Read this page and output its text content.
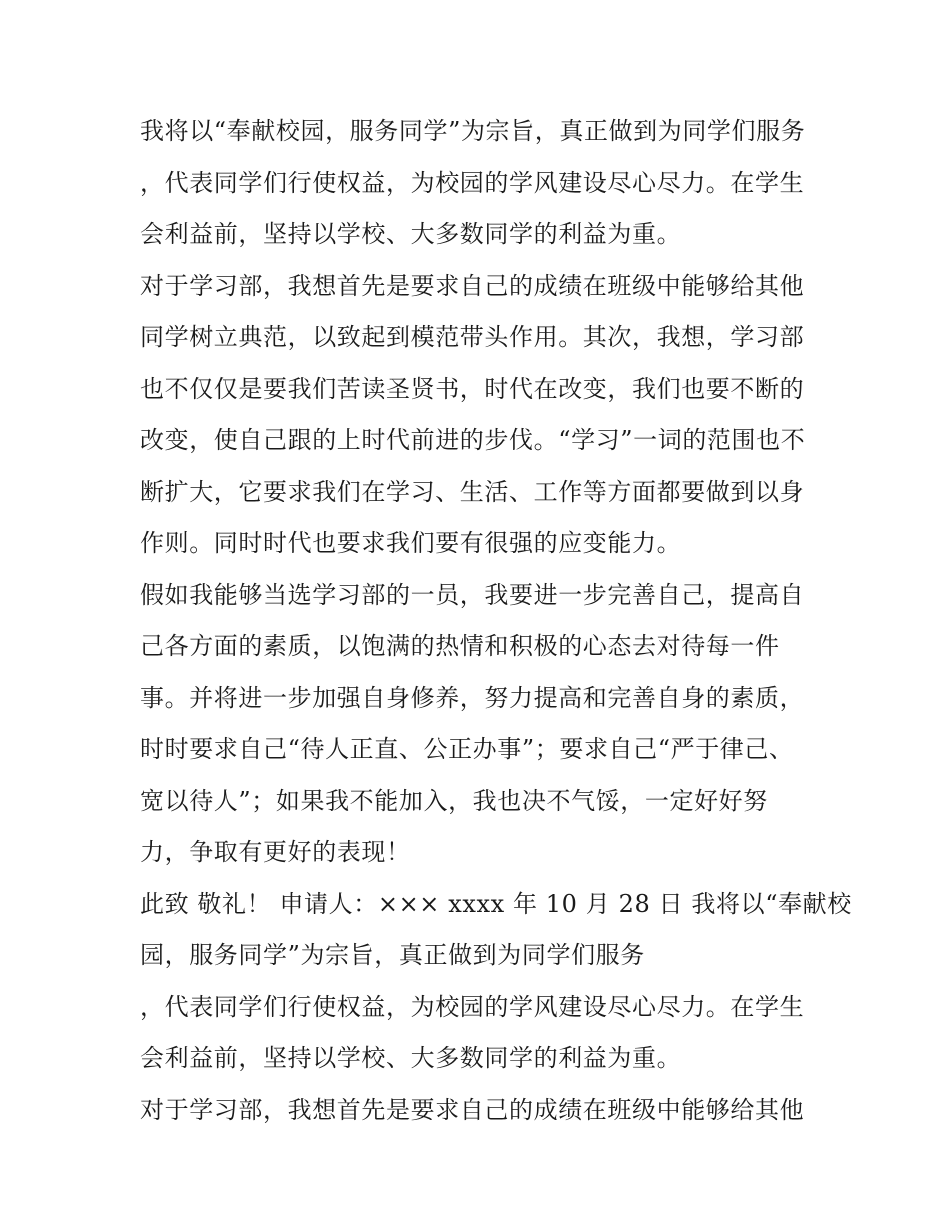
我将以“奉献校园，服务同学”为宗旨，真正做到为同学们服务
，代表同学们行使权益，为校园的学风建设尽心尽力。在学生
会利益前，坚持以学校、大多数同学的利益为重。
对于学习部，我想首先是要求自己的成绩在班级中能够给其他
同学树立典范，以致起到模范带头作用。其次，我想，学习部
也不仅仅是要我们苦读圣贤书，时代在改变，我们也要不断的
改变，使自己跟的上时代前进的步伐。“学习”一词的范围也不
断扩大，它要求我们在学习、生活、工作等方面都要做到以身
作则。同时时代也要求我们要有很强的应变能力。
假如我能够当选学习部的一员，我要进一步完善自己，提高自
己各方面的素质，以饱满的热情和积极的心态去对待每一件
事。并将进一步加强自身修养，努力提高和完善自身的素质，
时时要求自己“待人正直、公正办事”；要求自己“严于律己、
宽以待人”；如果我不能加入，我也决不气馁，一定好好努
力，争取有更好的表现！
此致 敬礼！ 申请人：××× xxxx 年 10 月 28 日 我将以“奉献校
园，服务同学”为宗旨，真正做到为同学们服务
，代表同学们行使权益，为校园的学风建设尽心尽力。在学生
会利益前，坚持以学校、大多数同学的利益为重。
对于学习部，我想首先是要求自己的成绩在班级中能够给其他
